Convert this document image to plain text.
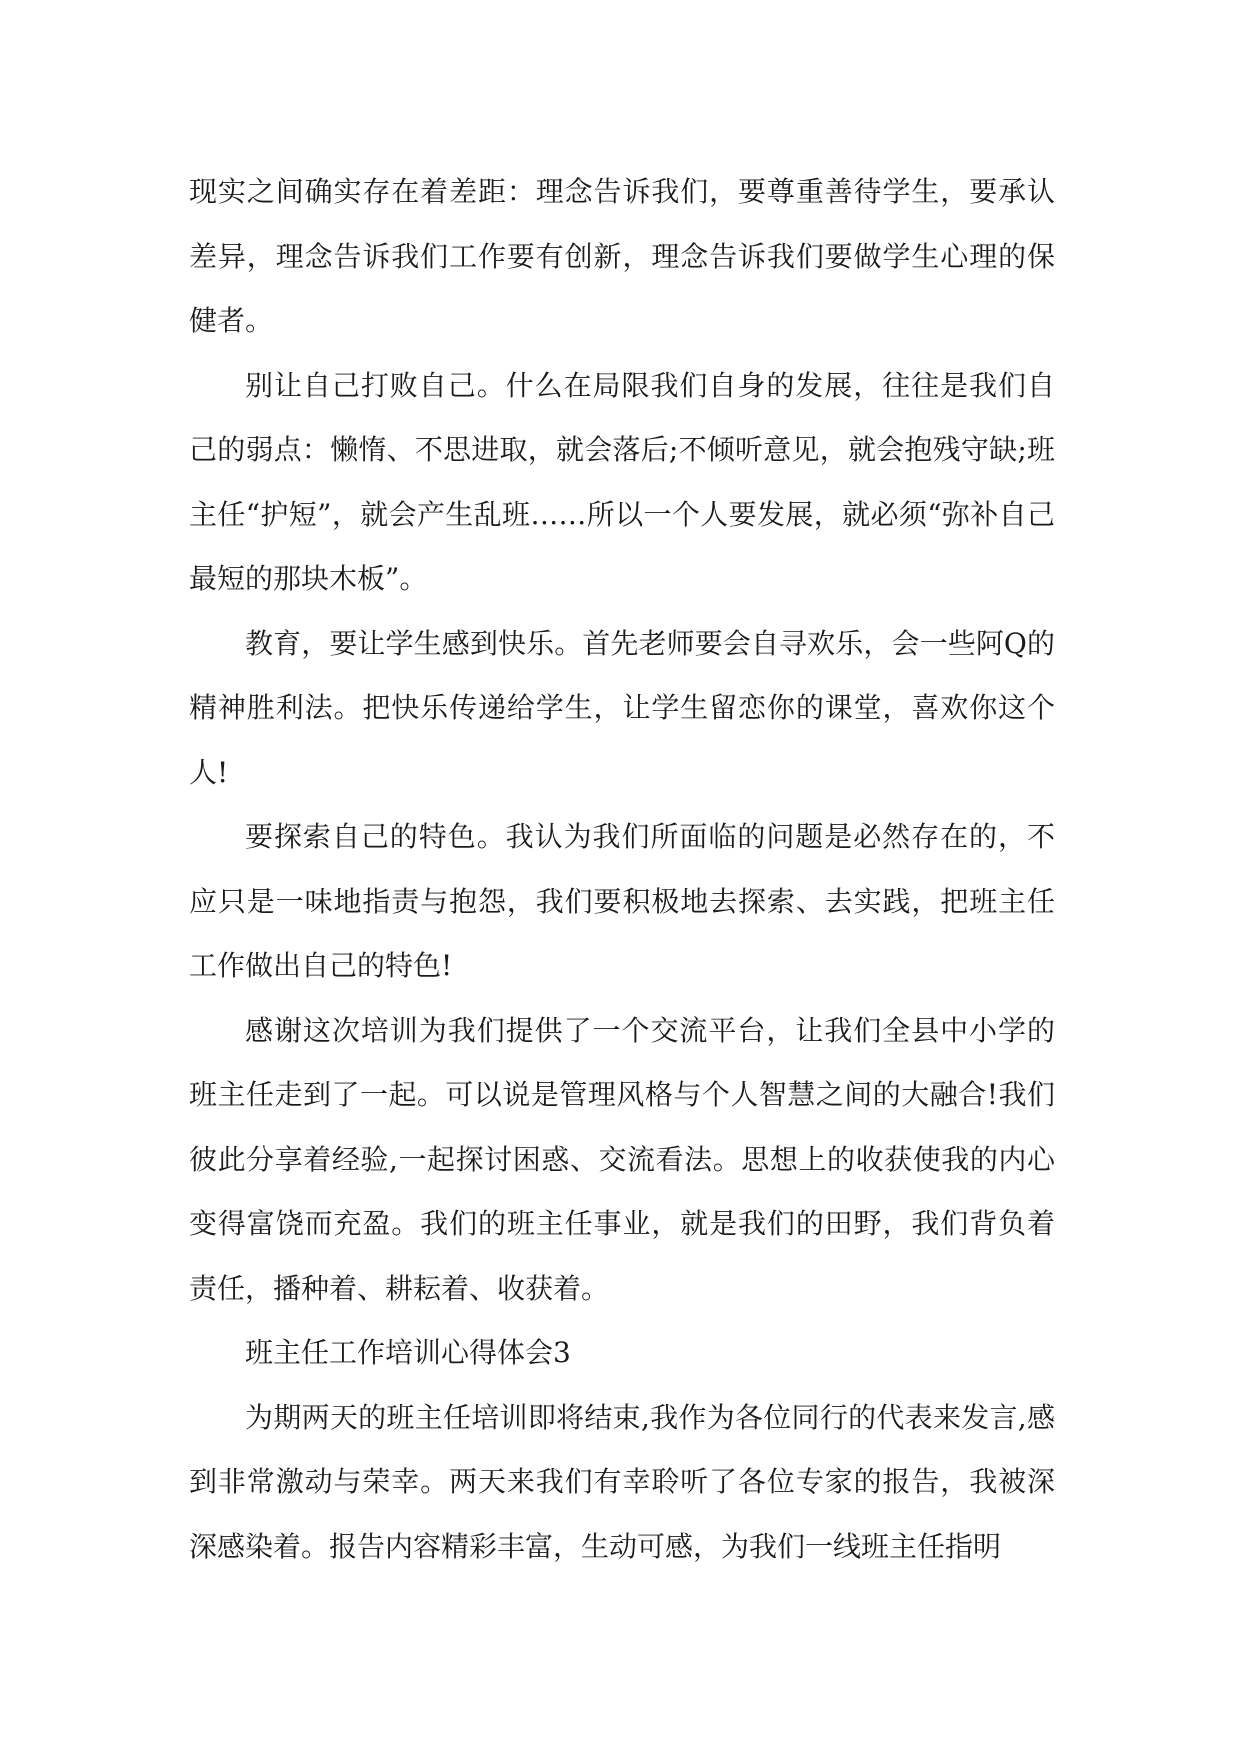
现实之间确实存在着差距：理念告诉我们，要尊重善待学生，要承认差异，理念告诉我们工作要有创新，理念告诉我们要做学生心理的保健者。

别让自己打败自己。什么在局限我们自身的发展，往往是我们自己的弱点：懒惰、不思进取，就会落后;不倾听意见，就会抱残守缺;班主任“护短”，就会产生乱班……所以一个人要发展，就必须“弥补自己最短的那块木板”。

教育，要让学生感到快乐。首先老师要会自寻欢乐，会一些阿Q的精神胜利法。把快乐传递给学生，让学生留恋你的课堂，喜欢你这个人!

要探索自己的特色。我认为我们所面临的问题是必然存在的，不应只是一味地指责与抱怨，我们要积极地去探索、去实践，把班主任工作做出自己的特色!

感谢这次培训为我们提供了一个交流平台，让我们全县中小学的班主任走到了一起。可以说是管理风格与个人智慧之间的大融合!我们彼此分享着经验,一起探讨困惑、交流看法。思想上的收获使我的内心变得富饶而充盈。我们的班主任事业，就是我们的田野，我们背负着责任，播种着、耕耘着、收获着。

班主任工作培训心得体会3

为期两天的班主任培训即将结束,我作为各位同行的代表来发言,感到非常激动与荣幸。两天来我们有幸聆听了各位专家的报告，我被深深感染着。报告内容精彩丰富，生动可感，为我们一线班主任指明
